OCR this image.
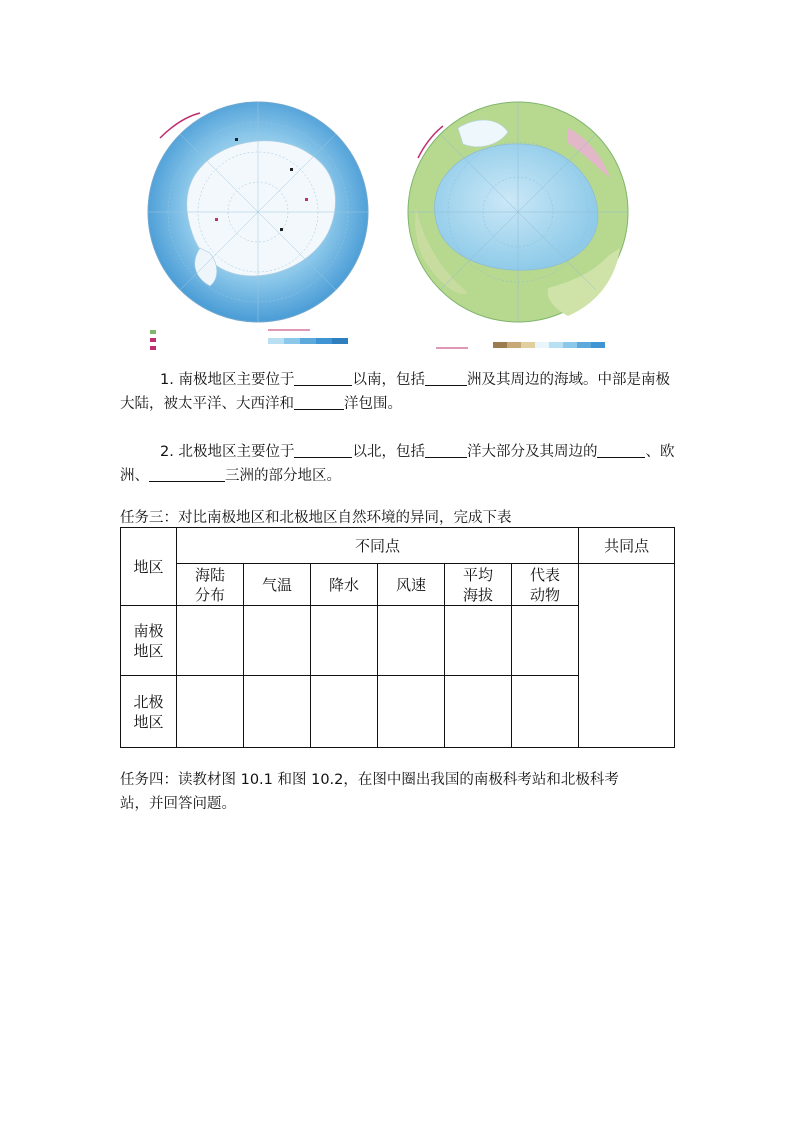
1. 南极地区主要位于	以南，包括	洲及其周边的海域。中部是南极大陆，被太平洋、大西洋和	洋包围。
2. 北极地区主要位于	以北，包括	洋大部分及其周边的	、欧洲、	三洲的部分地区。
任务三：对比南极地区和北极地区自然环境的异同，完成下表
地区	不同点						共同点
	海陆分布	气温	降水	风速	平均海拔	代表动物	
南极地区							
北极地区							
任务四：读教材图 10.1 和图 10.2，在图中圈出我国的南极科考站和北极科考
站，并回答问题。
